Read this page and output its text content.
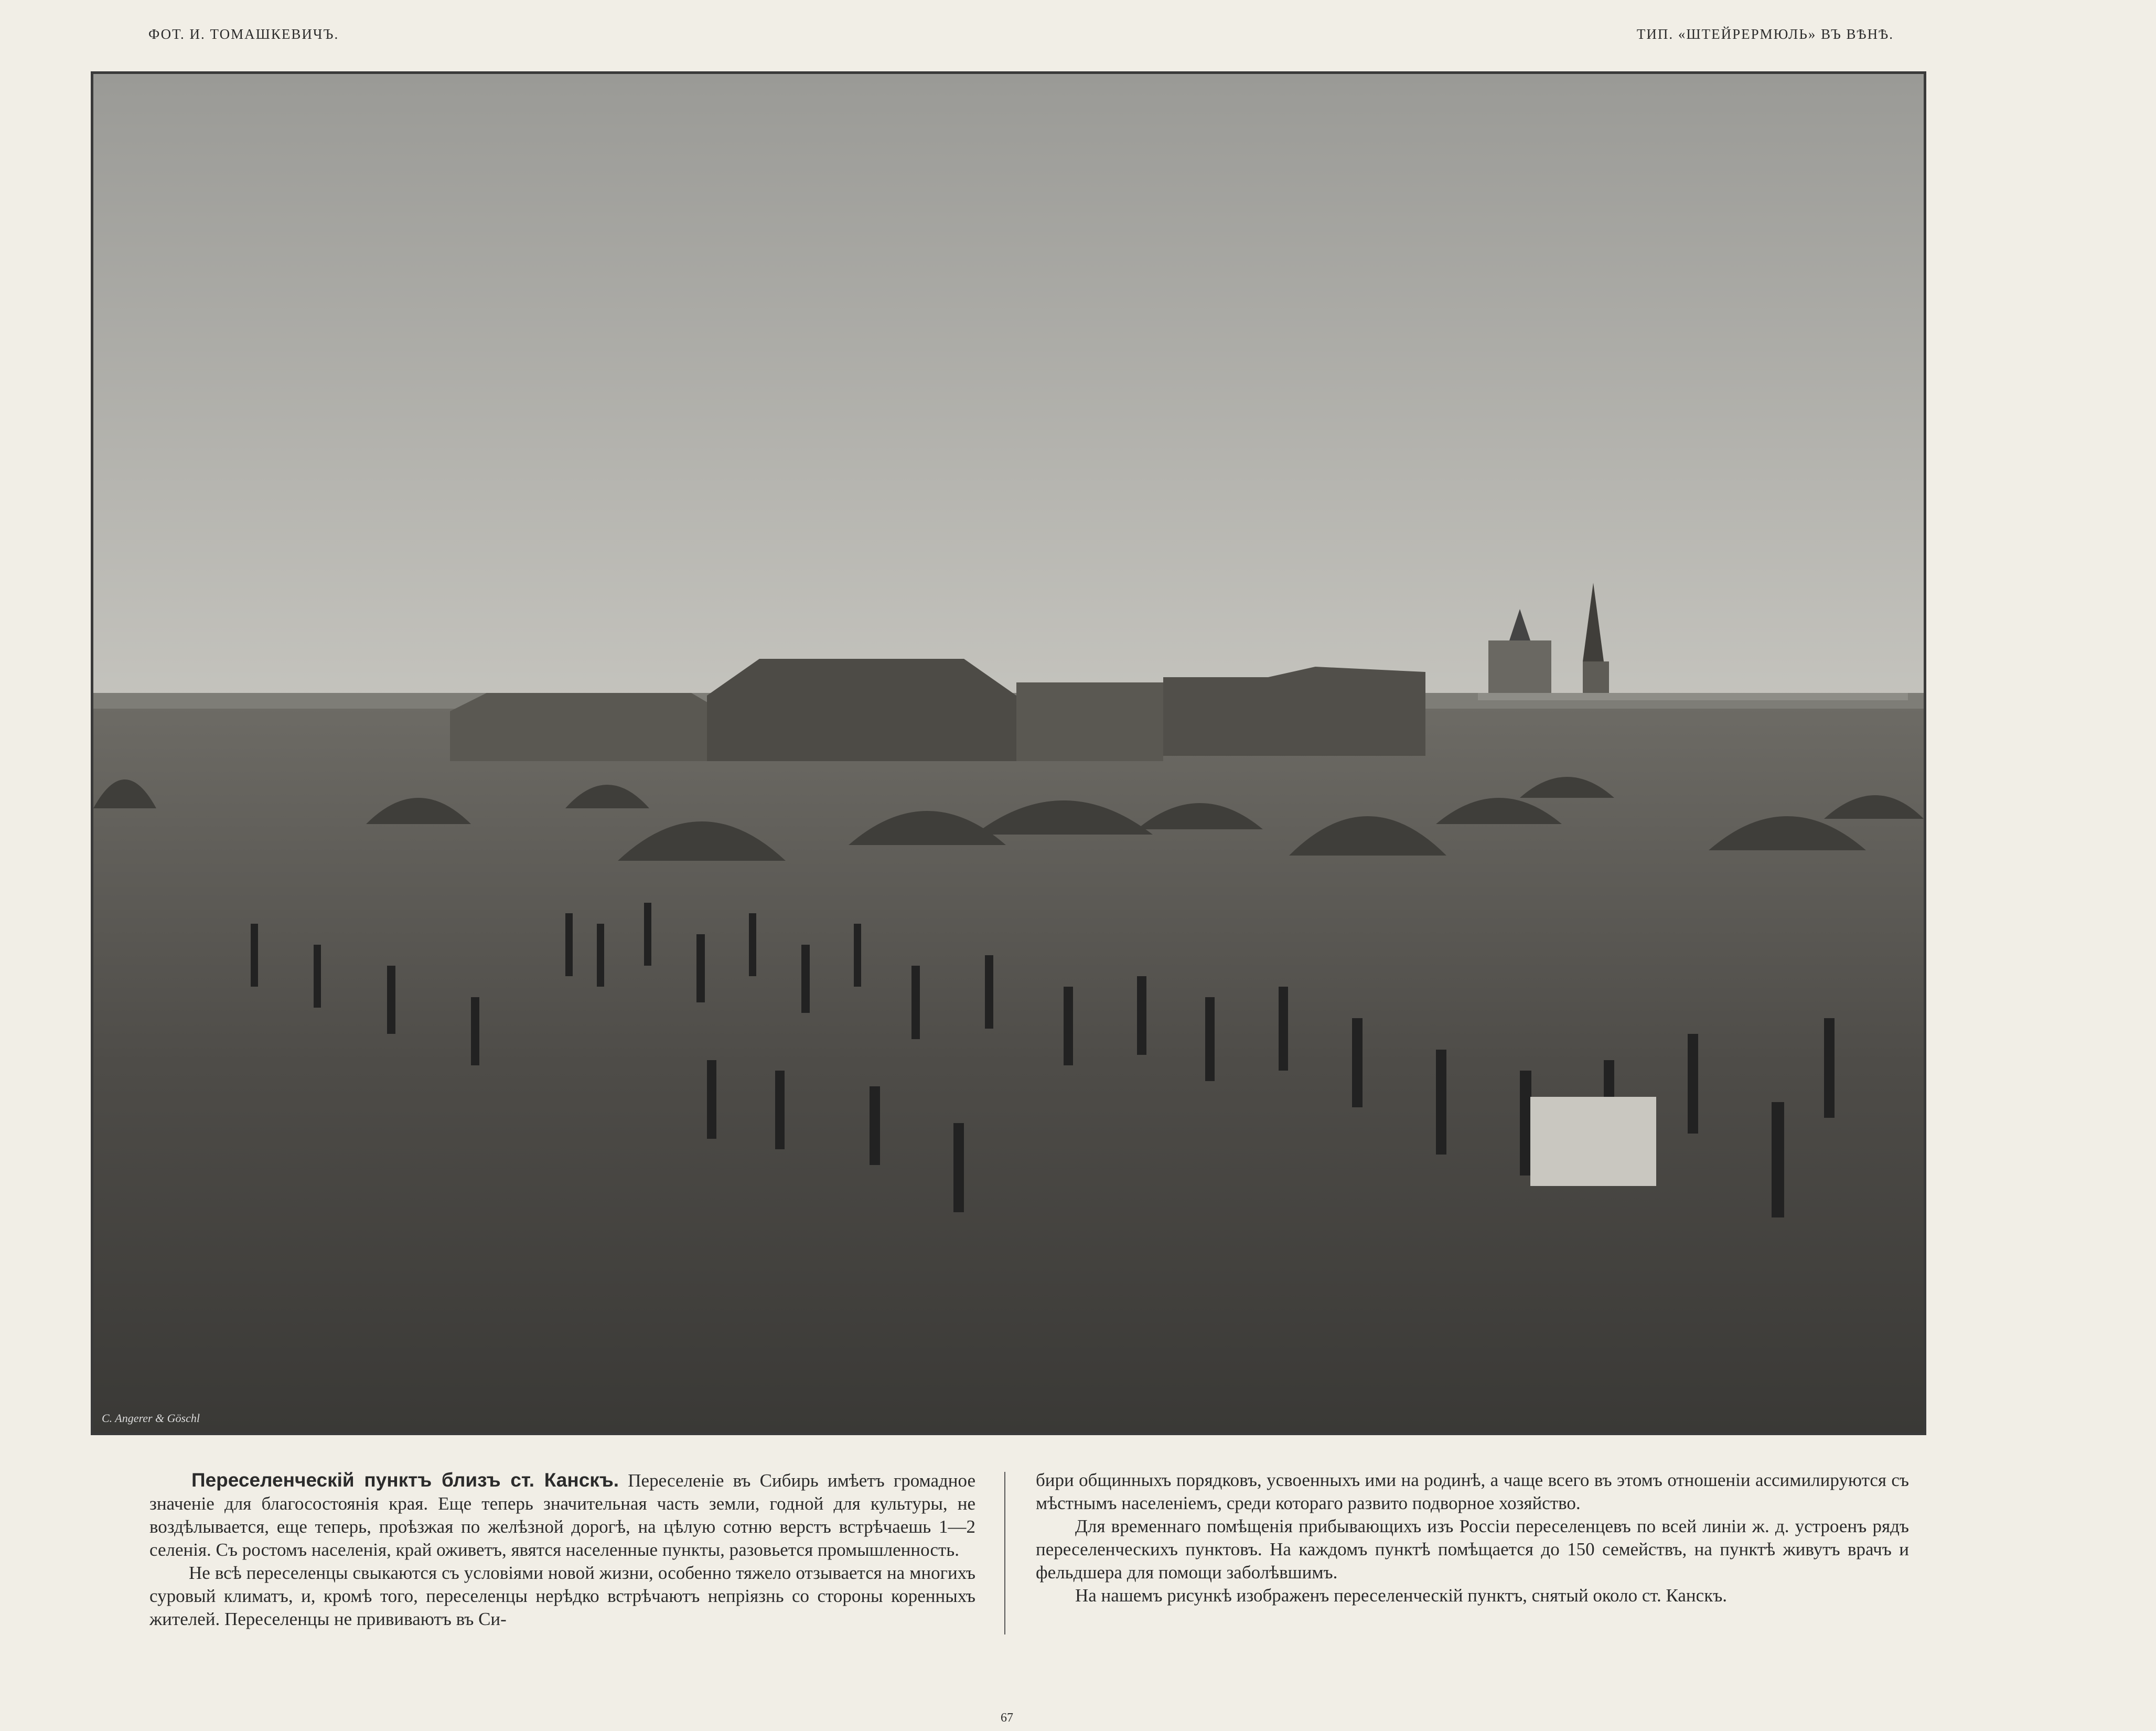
ФОТ. И. ТОМАШКЕВИЧЪ.	ТИП. «ШТЕЙРЕРМЮЛЬ» ВЪ ВѢНѢ.
C. Angerer & Göschl

Переселенческій пунктъ близъ ст. Канскъ. Переселеніе въ Сибирь имѣетъ громадное значеніе для благосостоянія края. Еще теперь значительная часть земли, годной для культуры, не воздѣлывается, еще теперь, проѣзжая по желѣзной дорогѣ, на цѣлую сотню верстъ встрѣчаешь 1—2 селенія. Съ ростомъ населенія, край оживетъ, явятся населенные пункты, разовьется промышленность.

Не всѣ переселенцы свыкаются съ условіями новой жизни, особенно тяжело отзывается на многихъ суровый климатъ, и, кромѣ того, переселенцы нерѣдко встрѣчаютъ непріязнь со стороны коренныхъ жителей. Переселенцы не прививаютъ въ Си-

бири общинныхъ порядковъ, усвоенныхъ ими на родинѣ, а чаще всего въ этомъ отношеніи ассимилируются съ мѣстнымъ населеніемъ, среди котораго развито подворное хозяйство.

Для временнаго помѣщенія прибывающихъ изъ Россіи переселенцевъ по всей линіи ж. д. устроенъ рядъ переселенческихъ пунктовъ. На каждомъ пунктѣ помѣщается до 150 семействъ, на пунктѣ живутъ врачъ и фельдшера для помощи заболѣвшимъ.

На нашемъ рисункѣ изображенъ переселенческій пунктъ, снятый около ст. Канскъ.

67
